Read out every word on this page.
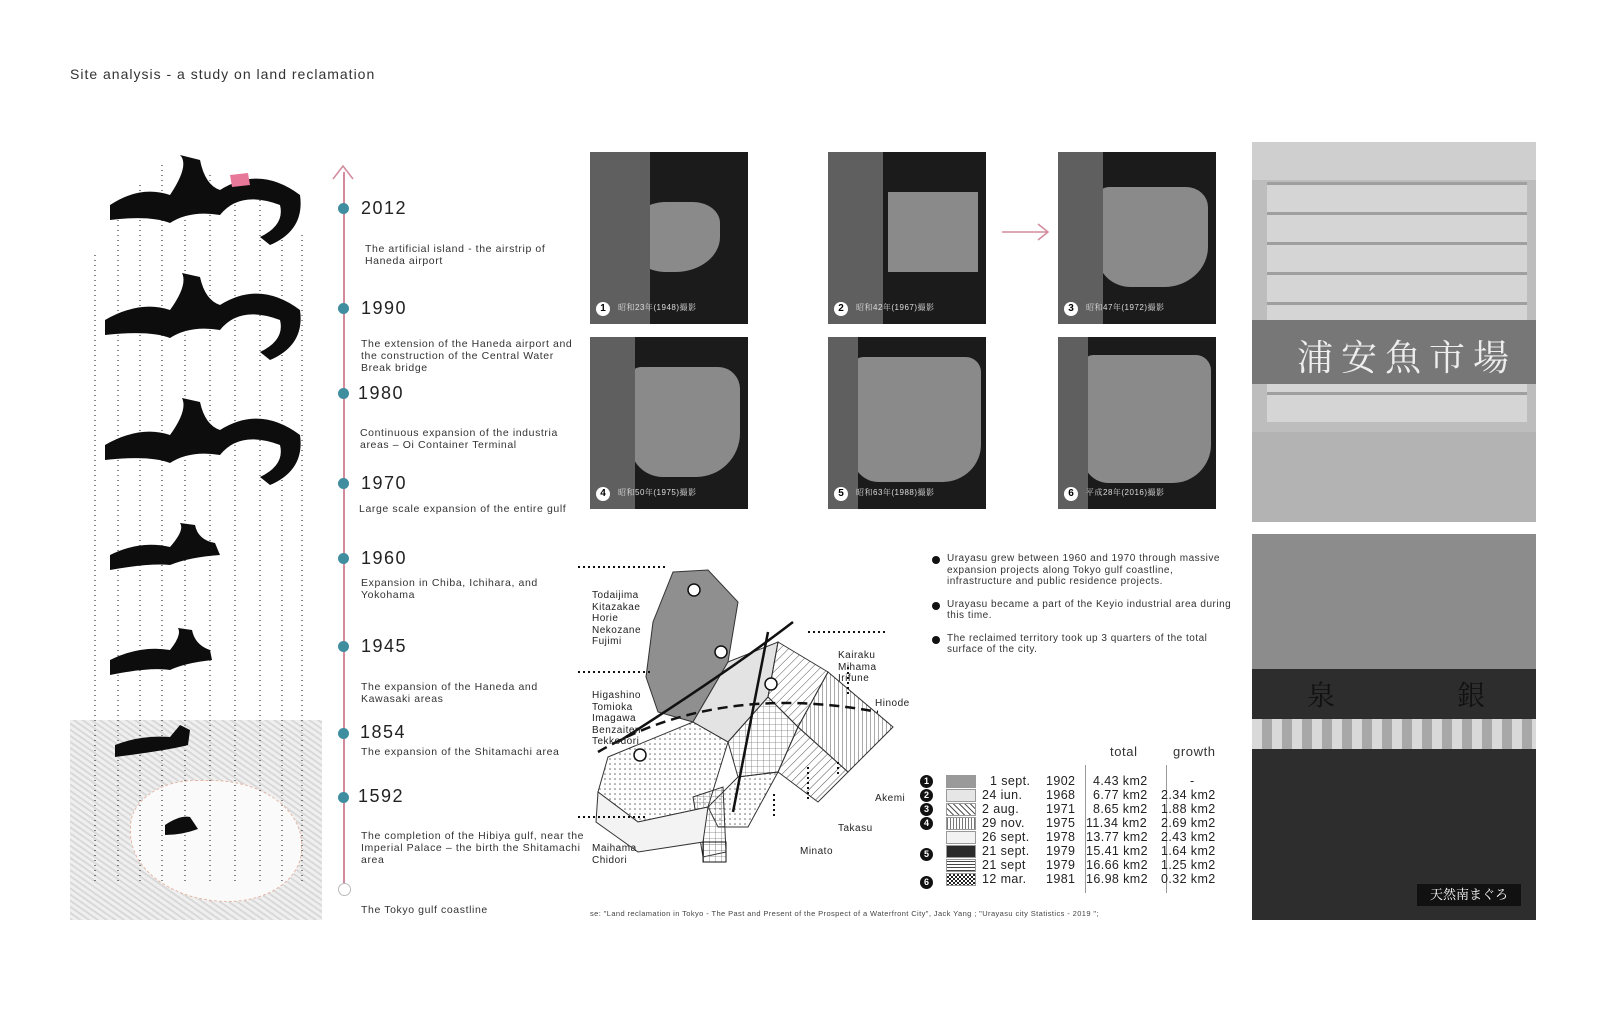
Site analysis - a study on land reclamation
2012
The artificial island - the airstrip of Haneda airport
1990
The extension of the Haneda airport and the construction of the Central Water Break bridge
1980
Continuous expansion of the industria areas – Oi Container Terminal
1970
Large scale expansion of the entire gulf
1960
Expansion in Chiba, Ichihara, and Yokohama
1945
The expansion of the Haneda and Kawasaki areas
1854
The expansion of the Shitamachi area
1592
The completion of the Hibiya gulf, near the Imperial Palace – the birth the Shitamachi area
The Tokyo gulf coastline
1	昭和23年(1948)撮影	2	昭和42年(1967)撮影	3	昭和47年(1972)撮影
4	昭和50年(1975)撮影	5	昭和63年(1988)撮影	6	平成28年(2016)撮影
浦安魚市場
泉	銀
天然南まぐろ
Todaijima
Kitazakae
Horie
Nekozane
Fujimi
Higashino
Tomioka
Imagawa
Benzaiten
Tekkodori
Maihama
Chidori
Kairaku
Mihama
Irifune
Hinode
Akemi
Takasu
Minato
Urayasu grew between 1960 and 1970 through massive expansion projects along Tokyo gulf coastline, infrastructure and public residence projects.
Urayasu became a part of the Keyio industrial area during this time.
The reclaimed territory took up 3 quarters of the total surface of the city.
total	growth
1	1 sept. 1902 4.43 km2	-
2	24 iun. 1968 6.77 km2 2.34 km2
3	2 aug. 1971 8.65 km2 1.88 km2
4	29 nov. 1975 11.34 km2 2.69 km2
26 sept. 1978 13.77 km2 2.43 km2
5	21 sept. 1979 15.41 km2 1.64 km2
21 sept 1979 16.66 km2 1.25 km2
6	12 mar. 1981 16.98 km2 0.32 km2
se: "Land reclamation in Tokyo - The Past and Present of the Prospect of a Waterfront City", Jack Yang ; "Urayasu city Statistics - 2019 ";
